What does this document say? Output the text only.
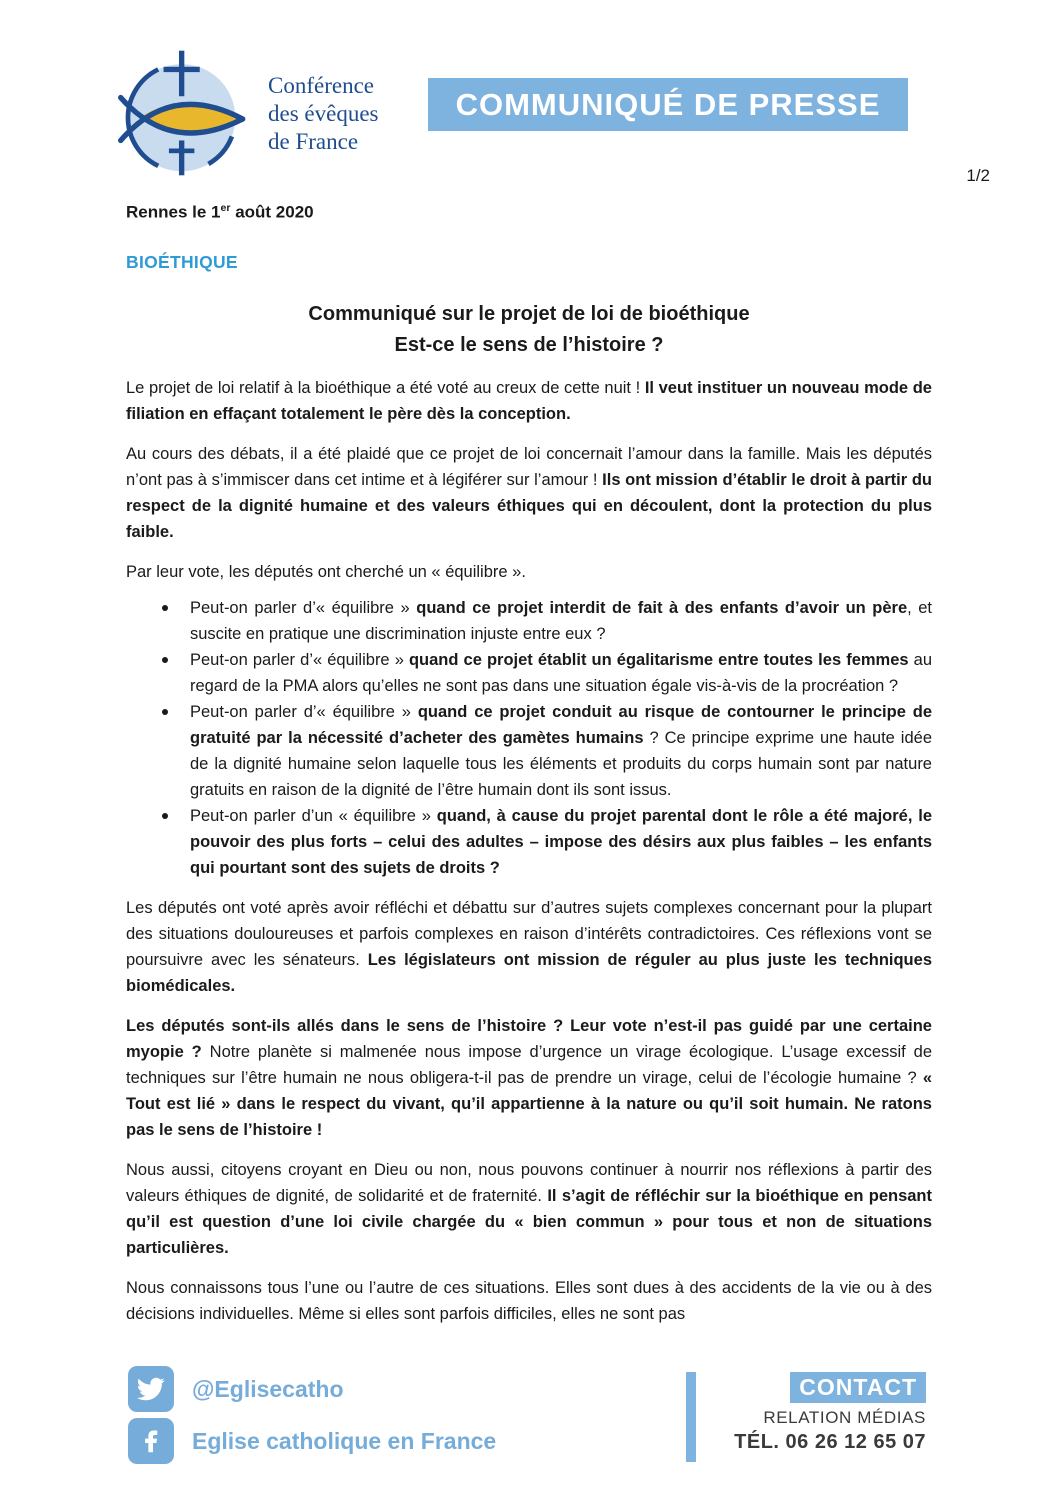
Conférence
des évêques
de France
COMMUNIQUÉ DE PRESSE
1/2

Rennes le 1er août 2020

BIOÉTHIQUE

Communiqué sur le projet de loi de bioéthique
Est-ce le sens de l’histoire ?

Le projet de loi relatif à la bioéthique a été voté au creux de cette nuit ! Il veut instituer un nouveau mode de filiation en effaçant totalement le père dès la conception.

Au cours des débats, il a été plaidé que ce projet de loi concernait l’amour dans la famille. Mais les députés n’ont pas à s’immiscer dans cet intime et à légiférer sur l’amour ! Ils ont mission d’établir le droit à partir du respect de la dignité humaine et des valeurs éthiques qui en découlent, dont la protection du plus faible.

Par leur vote, les députés ont cherché un « équilibre ».

Peut-on parler d’« équilibre » quand ce projet interdit de fait à des enfants d’avoir un père, et suscite en pratique une discrimination injuste entre eux ?
Peut-on parler d’« équilibre » quand ce projet établit un égalitarisme entre toutes les femmes au regard de la PMA alors qu’elles ne sont pas dans une situation égale vis-à-vis de la procréation ?
Peut-on parler d’« équilibre » quand ce projet conduit au risque de contourner le principe de gratuité par la nécessité d’acheter des gamètes humains ? Ce principe exprime une haute idée de la dignité humaine selon laquelle tous les éléments et produits du corps humain sont par nature gratuits en raison de la dignité de l’être humain dont ils sont issus.
Peut-on parler d’un « équilibre » quand, à cause du projet parental dont le rôle a été majoré, le pouvoir des plus forts – celui des adultes – impose des désirs aux plus faibles – les enfants qui pourtant sont des sujets de droits ?

Les députés ont voté après avoir réfléchi et débattu sur d’autres sujets complexes concernant pour la plupart des situations douloureuses et parfois complexes en raison d’intérêts contradictoires. Ces réflexions vont se poursuivre avec les sénateurs. Les législateurs ont mission de réguler au plus juste les techniques biomédicales.

Les députés sont-ils allés dans le sens de l’histoire ? Leur vote n’est-il pas guidé par une certaine myopie ? Notre planète si malmenée nous impose d’urgence un virage écologique. L’usage excessif de techniques sur l’être humain ne nous obligera-t-il pas de prendre un virage, celui de l’écologie humaine ? « Tout est lié » dans le respect du vivant, qu’il appartienne à la nature ou qu’il soit humain. Ne ratons pas le sens de l’histoire !

Nous aussi, citoyens croyant en Dieu ou non, nous pouvons continuer à nourrir nos réflexions à partir des valeurs éthiques de dignité, de solidarité et de fraternité. Il s’agit de réfléchir sur la bioéthique en pensant qu’il est question d’une loi civile chargée du « bien commun » pour tous et non de situations particulières.

Nous connaissons tous l’une ou l’autre de ces situations. Elles sont dues à des accidents de la vie ou à des décisions individuelles. Même si elles sont parfois difficiles, elles ne sont pas

@Eglisecatho
Eglise catholique en France
CONTACT
RELATION MÉDIAS
TÉL. 06 26 12 65 07
